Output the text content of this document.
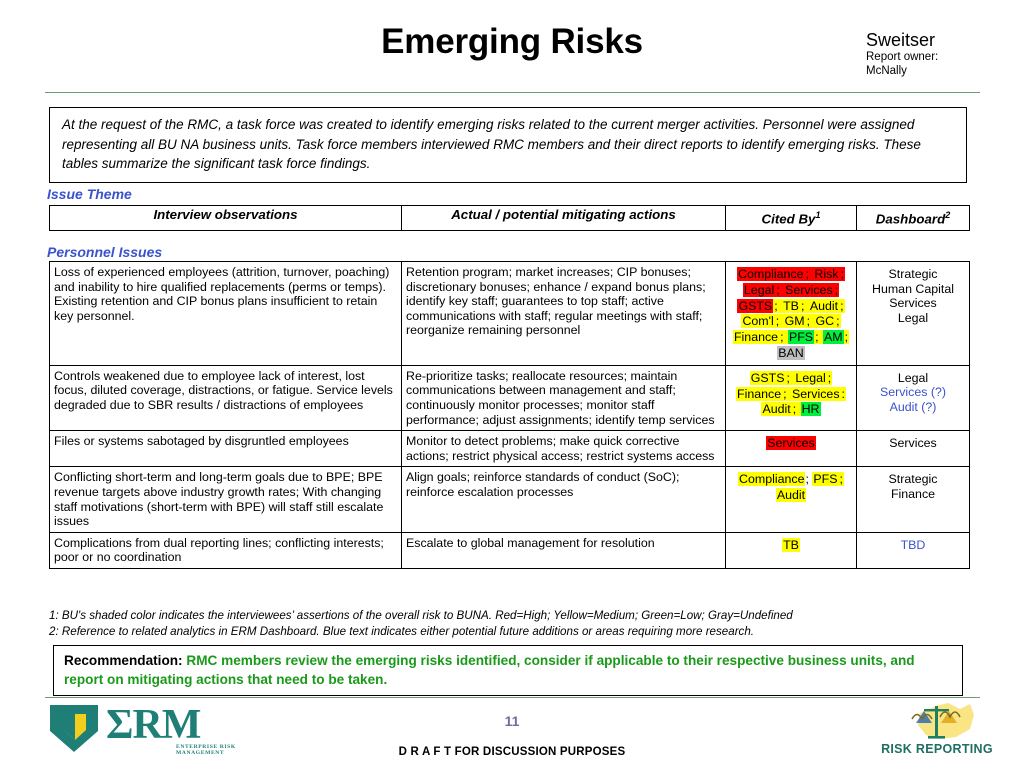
Emerging Risks	Sweitser
Report owner:
McNally

At the request of the RMC, a task force was created to identify emerging risks related to the current merger activities. Personnel were assigned representing all BU NA business units. Task force members interviewed RMC members and their direct reports to identify emerging risks. These tables summarize the significant task force findings.

Issue Theme
Interview observations	Actual / potential mitigating actions	Cited By$^1$	Dashboard$^2$
Personnel Issues
Loss of experienced employees (attrition, turnover, poaching) and inability to hire qualified replacements (perms or temps). Existing retention and CIP bonus plans insufficient to retain key personnel.	Retention program; market increases; CIP bonuses; discretionary bonuses; enhance / expand bonus plans; identify key staff; guarantees to top staff; active communications with staff; regular meetings with staff; reorganize remaining personnel	Compliance ; Risk ; Legal ; Services ; GSTS ; TB ; Audit ; Com'l ; GM ; GC ; Finance ; PFS ; AM ; BAN	Strategic
Human Capital
Services
Legal
Controls weakened due to employee lack of interest, lost focus, diluted coverage, distractions, or fatigue. Service levels degraded due to SBR results / distractions of employees	Re-prioritize tasks; reallocate resources; maintain communications between management and staff; continuously monitor processes; monitor staff performance; adjust assignments; identify temp services	GSTS ; Legal ; Finance ; Services : Audit ; HR	Legal
Services (?)
Audit (?)
Files or systems sabotaged by disgruntled employees	Monitor to detect problems; make quick corrective actions; restrict physical access; restrict systems access	Services	Services
Conflicting short-term and long-term goals due to BPE; BPE revenue targets above industry growth rates; With changing staff motivations (short-term with BPE) will staff still escalate issues	Align goals; reinforce standards of conduct (SoC); reinforce escalation processes	Compliance; PFS ; Audit	Strategic
Finance
Complications from dual reporting lines; conflicting interests; poor or no coordination	Escalate to global management for resolution	TB	TBD
1: BU's shaded color indicates the interviewees’ assertions of the overall risk to BUNA. Red=High; Yellow=Medium; Green=Low; Gray=Undefined
2: Reference to related analytics in ERM Dashboard. Blue text indicates either potential future additions or areas requiring more research.

Recommendation: RMC members review the emerging risks identified, consider if applicable to their respective business units, and report on mitigating actions that need to be taken.

ΣRM
ENTERPRISE RISK MANAGEMENT
11
D R A F T FOR DISCUSSION PURPOSES	RISK REPORTING
